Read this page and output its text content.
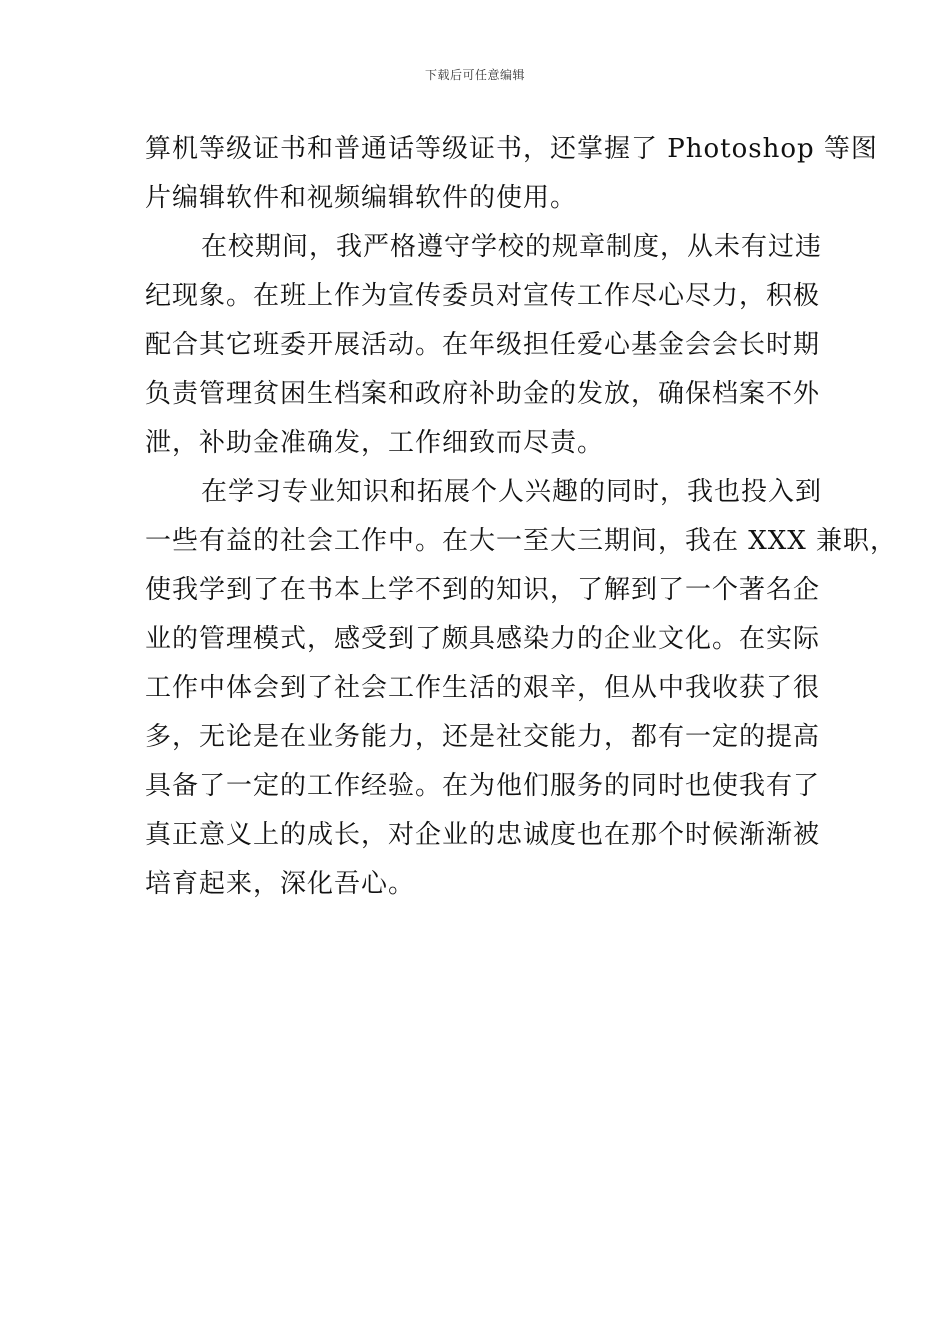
下载后可任意编辑
算机等级证书和普通话等级证书，还掌握了 Photoshop 等图
片编辑软件和视频编辑软件的使用。
在校期间，我严格遵守学校的规章制度，从未有过违
纪现象。在班上作为宣传委员对宣传工作尽心尽力，积极
配合其它班委开展活动。在年级担任爱心基金会会长时期
负责管理贫困生档案和政府补助金的发放，确保档案不外
泄，补助金准确发，工作细致而尽责。
在学习专业知识和拓展个人兴趣的同时，我也投入到
一些有益的社会工作中。在大一至大三期间，我在 XXX 兼职，
使我学到了在书本上学不到的知识，了解到了一个著名企
业的管理模式，感受到了颇具感染力的企业文化。在实际
工作中体会到了社会工作生活的艰辛，但从中我收获了很
多，无论是在业务能力，还是社交能力，都有一定的提高
具备了一定的工作经验。在为他们服务的同时也使我有了
真正意义上的成长，对企业的忠诚度也在那个时候渐渐被
培育起来，深化吾心。
